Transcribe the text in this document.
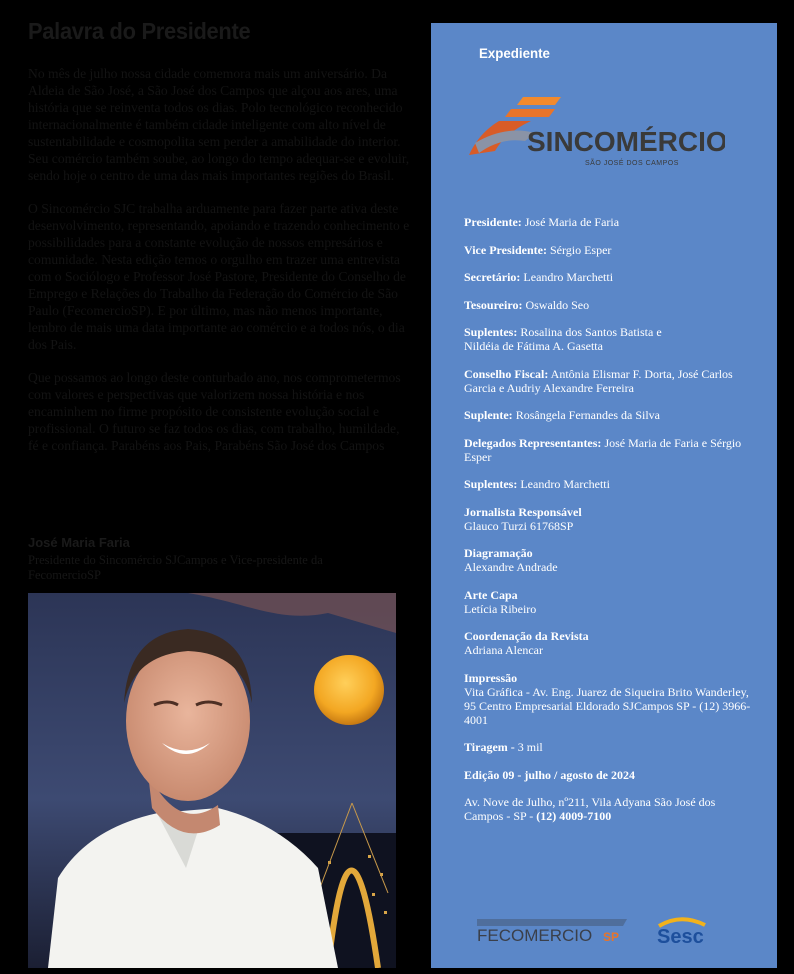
Palavra do Presidente

No mês de julho nossa cidade comemora mais um aniversário. Da Aldeia de São José, a São José dos Campos que alçou aos ares, uma história que se reinventa todos os dias. Polo tecnológico reconhecido internacionalmente é também cidade inteligente com alto nível de sustentabilidade e cosmopolita sem perder a amabilidade do interior. Seu comércio também soube, ao longo do tempo adequar-se e evoluir, sendo hoje o centro de uma das mais importantes regiões do Brasil.

O Sincomércio SJC trabalha arduamente para fazer parte ativa deste desenvolvimento, representando, apoiando e trazendo conhecimento e possibilidades para a constante evolução de nossos empresários e comunidade. Nesta edição temos o orgulho em trazer uma entrevista com o Sociólogo e Professor José Pastore, Presidente do Conselho de Emprego e Relações do Trabalho da Federação do Comércio de São Paulo (FecomercioSP). E por último, mas não menos importante, lembro de mais uma data importante ao comércio e a todos nós, o dia dos Pais.

Que possamos ao longo deste conturbado ano, nos comprometermos com valores e perspectivas que valorizem nossa história e nos encaminhem no firme propósito de consistente evolução social e profissional. O futuro se faz todos os dias, com trabalho, humildade, fé e confiança. Parabéns aos Pais, Parabéns São José dos Campos

José Maria Faria
Presidente do Sincomércio SJCampos e Vice-presidente da FecomercioSP
Expediente
SINCOMÉRCIO
SÃO JOSÉ DOS CAMPOS
Presidente: José Maria de Faria
Vice Presidente: Sérgio Esper
Secretário: Leandro Marchetti
Tesoureiro: Oswaldo Seo
Suplentes: Rosalina dos Santos Batista e
Nildéia de Fátima A. Gasetta
Conselho Fiscal: Antônia Elismar F. Dorta, José Carlos Garcia e Audriy Alexandre Ferreira
Suplente: Rosângela Fernandes da Silva
Delegados Representantes: José Maria de Faria e Sérgio Esper
Suplentes: Leandro Marchetti
Jornalista Responsável
Glauco Turzi 61768SP
Diagramação
Alexandre Andrade
Arte Capa
Letícia Ribeiro
Coordenação da Revista
Adriana Alencar
Impressão
Vita Gráfica - Av. Eng. Juarez de Siqueira Brito Wanderley, 95 Centro Empresarial Eldorado SJCampos SP - (12) 3966-4001
Tiragem - 3 mil
Edição 09 - julho / agosto de 2024
Av. Nove de Julho, nº211, Vila Adyana São José dos Campos - SP - (12) 4009-7100
FECOMERCIO SP Sesc
